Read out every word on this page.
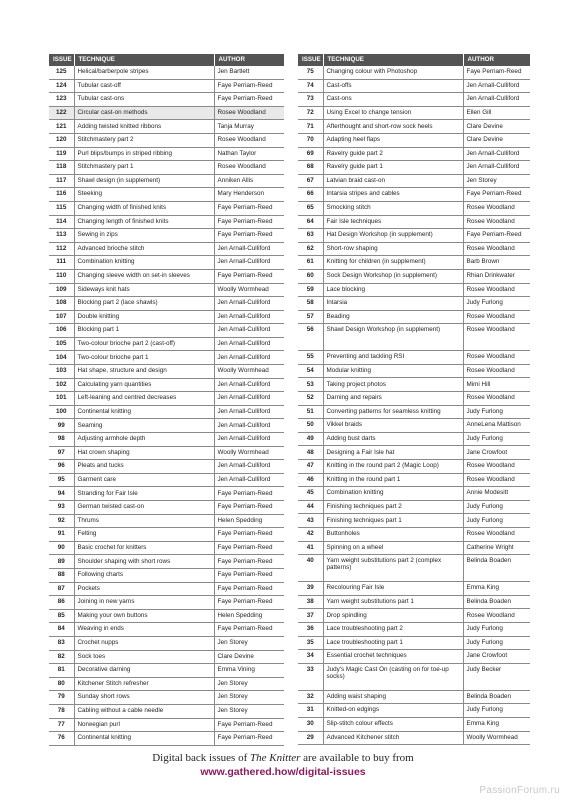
ISSUE	TECHNIQUE	AUTHOR
125	Helical/barberpole stripes	Jen Bartlett
124	Tubular cast-off	Faye Perriam-Reed
123	Tubular cast-ons	Faye Perriam-Reed
122	Circular cast-on methods	Rosee Woodland
121	Adding twisted knitted ribbons	Tanja Murray
120	Stitchmastery part 2	Rosee Woodland
119	Purl blips/bumps in striped ribbing	Nathan Taylor
118	Stitchmastery part 1	Rosee Woodland
117	Shawl design (in supplement)	Anniken Allis
116	Steeking	Mary Henderson
115	Changing width of finished knits	Faye Perriam-Reed
114	Changing length of finished knits	Faye Perriam-Reed
113	Sewing in zips	Faye Perriam-Reed
112	Advanced brioche stitch	Jen Arnall-Culliford
111	Combination knitting	Jen Arnall-Culliford
110	Changing sleeve width on set-in sleeves	Faye Perriam-Reed
109	Sideways knit hats	Woolly Wormhead
108	Blocking part 2 (lace shawls)	Jen Arnall-Culliford
107	Double knitting	Jen Arnall-Culliford
106	Blocking part 1	Jen Arnall-Culliford
105	Two-colour brioche part 2 (cast-off)	Jen Arnall-Culliford
104	Two-colour brioche part 1	Jen Arnall-Culliford
103	Hat shape, structure and design	Woolly Wormhead
102	Calculating yarn quantities	Jen Arnall-Culliford
101	Left-leaning and centred decreases	Jen Arnall-Culliford
100	Continental knitting	Jen Arnall-Culliford
99	Seaming	Jen Arnall-Culliford
98	Adjusting armhole depth	Jen Arnall-Culliford
97	Hat crown shaping	Woolly Wormhead
96	Pleats and tucks	Jen Arnall-Culliford
95	Garment care	Jen Arnall-Culliford
94	Stranding for Fair Isle	Faye Perriam-Reed
93	German twisted cast-on	Faye Perriam-Reed
92	Thrums	Helen Spedding
91	Felting	Faye Perriam-Reed
90	Basic crochet for knitters	Faye Perriam-Reed
89	Shoulder shaping with short rows	Faye Perriam-Reed
88	Following charts	Faye Perriam-Reed
87	Pockets	Faye Perriam-Reed
86	Joining in new yarns	Faye Perriam-Reed
85	Making your own buttons	Helen Spedding
84	Weaving in ends	Faye Perriam-Reed
83	Crochet nupps	Jen Storey
82	Sock toes	Clare Devine
81	Decorative darning	Emma Vining
80	Kitchener Stitch refresher	Jen Storey
79	Sunday short rows	Jen Storey
78	Cabling without a cable needle	Jen Storey
77	Norwegian purl	Faye Perriam-Reed
76	Continental knitting	Faye Perriam-Reed
ISSUE	TECHNIQUE	AUTHOR
75	Changing colour with Photoshop	Faye Perriam-Reed
74	Cast-offs	Jen Arnall-Culliford
73	Cast-ons	Jen Arnall-Culliford
72	Using Excel to change tension	Ellen Gill
71	Afterthought and short-row sock heels	Clare Devine
70	Adapting heel flaps	Clare Devine
69	Ravelry guide part 2	Jen Arnall-Culliford
68	Ravelry guide part 1	Jen Arnall-Culliford
67	Latvian braid cast-on	Jen Storey
66	Intarsia stripes and cables	Faye Perriam-Reed
65	Smocking stitch	Rosee Woodland
64	Fair Isle techniques	Rosee Woodland
63	Hat Design Workshop (in supplement)	Faye Perriam-Reed
62	Short-row shaping	Rosee Woodland
61	Knitting for children (in supplement)	Barb Brown
60	Sock Design Workshop (in supplement)	Rhian Drinkwater
59	Lace blocking	Rosee Woodland
58	Intarsia	Judy Furlong
57	Beading	Rosee Woodland
56	Shawl Design Workshop (in supplement)	Rosee Woodland
55	Preventing and tackling RSI	Rosee Woodland
54	Modular knitting	Rosee Woodland
53	Taking project photos	Mimi Hill
52	Darning and repairs	Rosee Woodland
51	Converting patterns for seamless knitting	Judy Furlong
50	Vikkel braids	AnneLena Mattison
49	Adding bust darts	Judy Furlong
48	Designing a Fair Isle hat	Jane Crowfoot
47	Knitting in the round part 2 (Magic Loop)	Rosee Woodland
46	Knitting in the round part 1	Rosee Woodland
45	Combination knitting	Annie Modesitt
44	Finishing techniques part 2	Judy Furlong
43	Finishing techniques part 1	Judy Furlong
42	Buttonholes	Rosee Woodland
41	Spinning on a wheel	Catherine Wright
40	Yarn weight substitutions part 2 (complex patterns)	Belinda Boaden
39	Recolouring Fair Isle	Emma King
38	Yarn weight substitutions part 1	Belinda Boaden
37	Drop spindling	Rosee Woodland
36	Lace troubleshooting part 2	Judy Furlong
35	Lace troubleshooting part 1	Judy Furlong
34	Essential crochet techniques	Jane Crowfoot
33	Judy's Magic Cast On (casting on for toe-up socks)	Judy Becker
32	Adding waist shaping	Belinda Boaden
31	Knitted-on edgings	Judy Furlong
30	Slip-stitch colour effects	Emma King
29	Advanced Kitchener stitch	Woolly Wormhead
Digital back issues of The Knitter are available to buy from
www.gathered.how/digital-issues
PassionForum.ru
